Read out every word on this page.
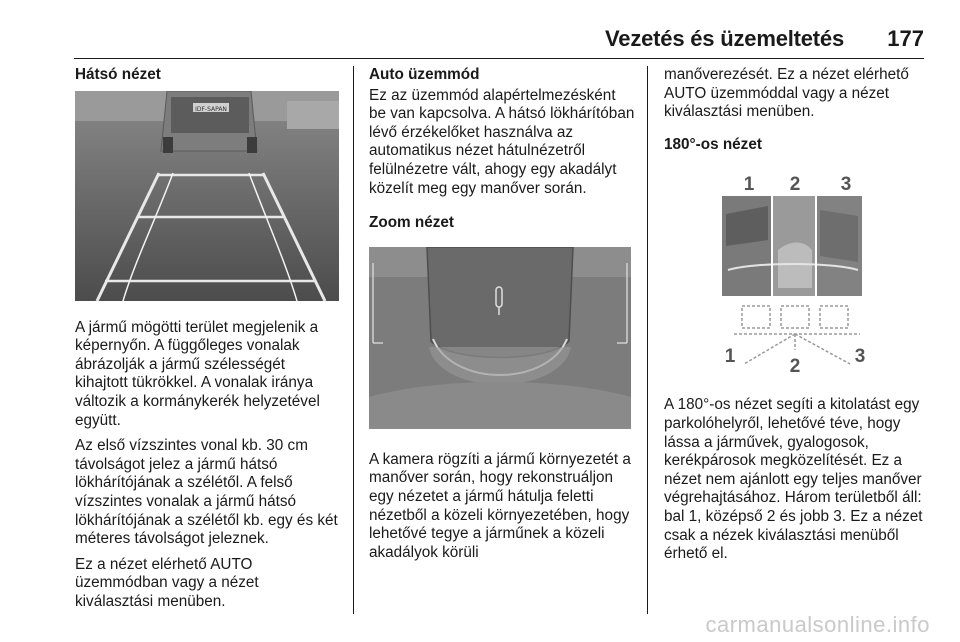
Vezetés és üzemeltetés 177
Hátsó nézet
IDF-SAPAN

A jármű mögötti terület megjelenik a képernyőn. A függőleges vonalak ábrázolják a jármű szélességét kihajtott tükrökkel. A vonalak iránya változik a kormánykerék helyzetével együtt.

Az első vízszintes vonal kb. 30 cm távolságot jelez a jármű hátsó lökhárítójának a szélétől. A felső vízszintes vonalak a jármű hátsó lökhárítójának a szélétől kb. egy és két méteres távolságot jeleznek.

Ez a nézet elérhető AUTO üzemmódban vagy a nézet kiválasztási menüben.

Auto üzemmód

Ez az üzemmód alapértelmezésként be van kapcsolva. A hátsó lökhárítóban lévő érzékelőket használva az automatikus nézet hátulnézetről felülnézetre vált, ahogy egy akadályt közelít meg egy manőver során.

Zoom nézet

A kamera rögzíti a jármű környezetét a manőver során, hogy rekonstruáljon egy nézetet a jármű hátulja feletti nézetből a közeli környezetében, hogy lehetővé tegye a járműnek a közeli akadályok körüli

manőverezését. Ez a nézet elérhető AUTO üzemmóddal vagy a nézet kiválasztási menüben.

180°-os nézet
1 2 3
1	2	3

A 180°-os nézet segíti a kitolatást egy parkolóhelyről, lehetővé téve, hogy lássa a járművek, gyalogosok, kerékpárosok megközelítését. Ez a nézet nem ajánlott egy teljes manőver végrehajtásához. Három területből áll: bal 1, középső 2 és jobb 3. Ez a nézet csak a nézek kiválasztási menüből érhető el.

carmanualsonline.info
